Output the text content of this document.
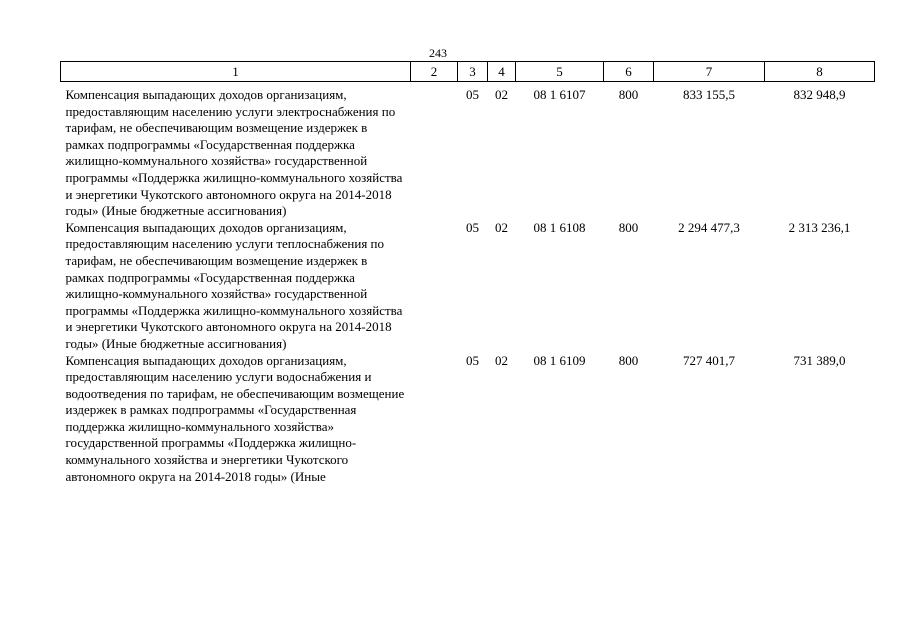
243
1	2	3	4	5	6	7	8
Компенсация выпадающих доходов организациям, предоставляющим населению услуги электроснабжения по тарифам, не обеспечивающим возмещение издержек в рамках подпрограммы «Государственная поддержка жилищно-коммунального хозяйства» государственной программы «Поддержка жилищно-коммунального хозяйства и энергетики Чукотского автономного округа на 2014-2018 годы» (Иные бюджетные ассигнования)		05	02	08 1 6107	800	833 155,5	832 948,9
Компенсация выпадающих доходов организациям, предоставляющим населению услуги теплоснабжения по тарифам, не обеспечивающим возмещение издержек в рамках подпрограммы «Государственная поддержка жилищно-коммунального хозяйства» государственной программы «Поддержка жилищно-коммунального хозяйства и энергетики Чукотского автономного округа на 2014-2018 годы» (Иные бюджетные ассигнования)		05	02	08 1 6108	800	2 294 477,3	2 313 236,1
Компенсация выпадающих доходов организациям, предоставляющим населению услуги водоснабжения и водоотведения по тарифам, не обеспечивающим возмещение издержек в рамках подпрограммы «Государственная поддержка жилищно-коммунального хозяйства» государственной программы «Поддержка жилищно-коммунального хозяйства и энергетики Чукотского автономного округа на 2014-2018 годы» (Иные		05	02	08 1 6109	800	727 401,7	731 389,0
